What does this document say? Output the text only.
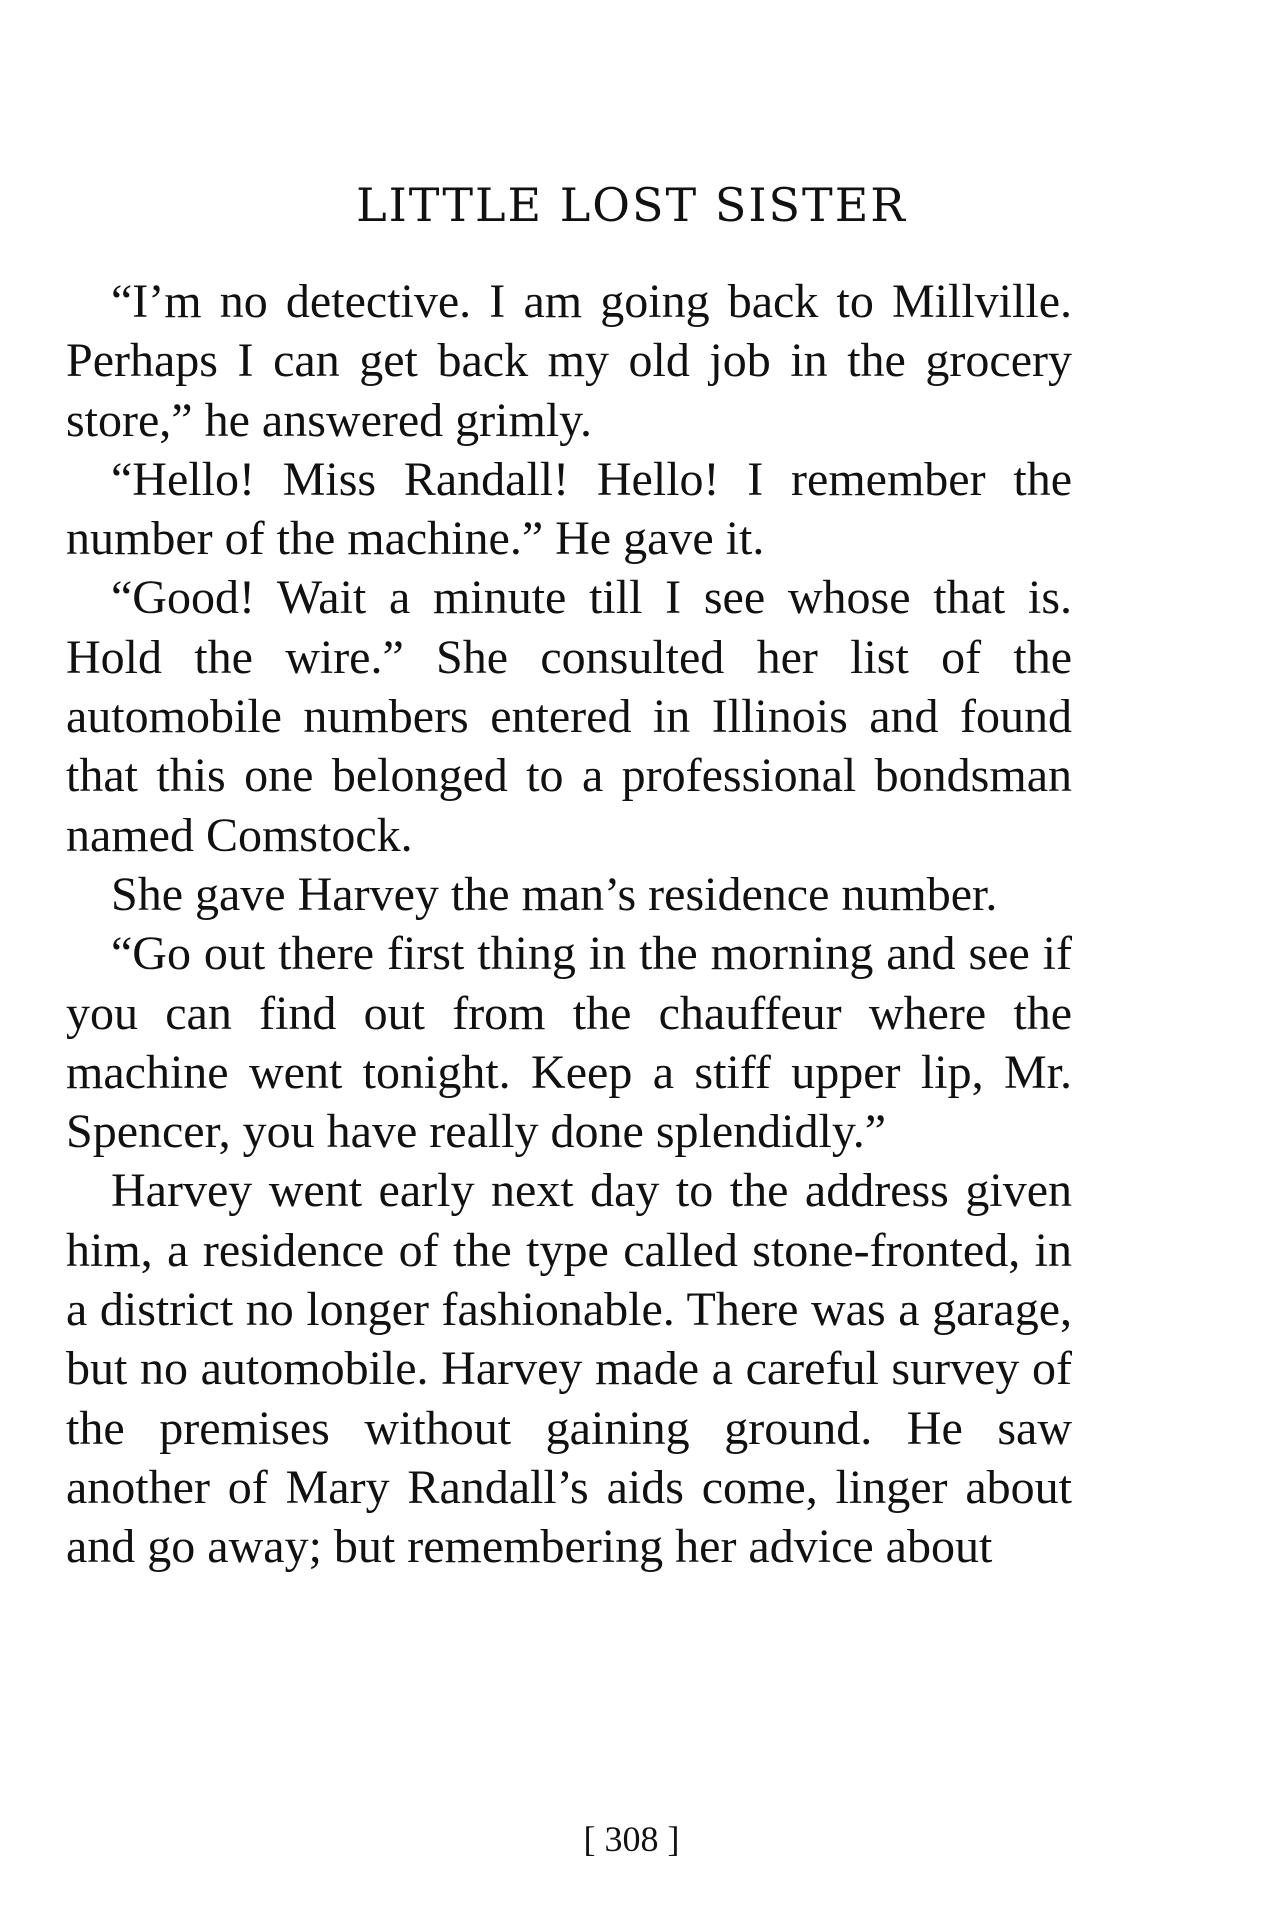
LITTLE LOST SISTER

“I’m no detective. I am going back to Millville. Perhaps I can get back my old job in the grocery store,” he answered grimly.

“Hello! Miss Randall! Hello! I remember the number of the machine.” He gave it.

“Good! Wait a minute till I see whose that is. Hold the wire.” She consulted her list of the automobile numbers entered in Illinois and found that this one belonged to a professional bondsman named Comstock.

She gave Harvey the man’s residence number.

“Go out there first thing in the morning and see if you can find out from the chauffeur where the machine went tonight. Keep a stiff upper lip, Mr. Spencer, you have really done splendidly.”

Harvey went early next day to the address given him, a residence of the type called stone-fronted, in a district no longer fashionable. There was a garage, but no automobile. Harvey made a careful survey of the premises without gaining ground. He saw another of Mary Randall’s aids come, linger about and go away; but remembering her advice about

[ 308 ]
